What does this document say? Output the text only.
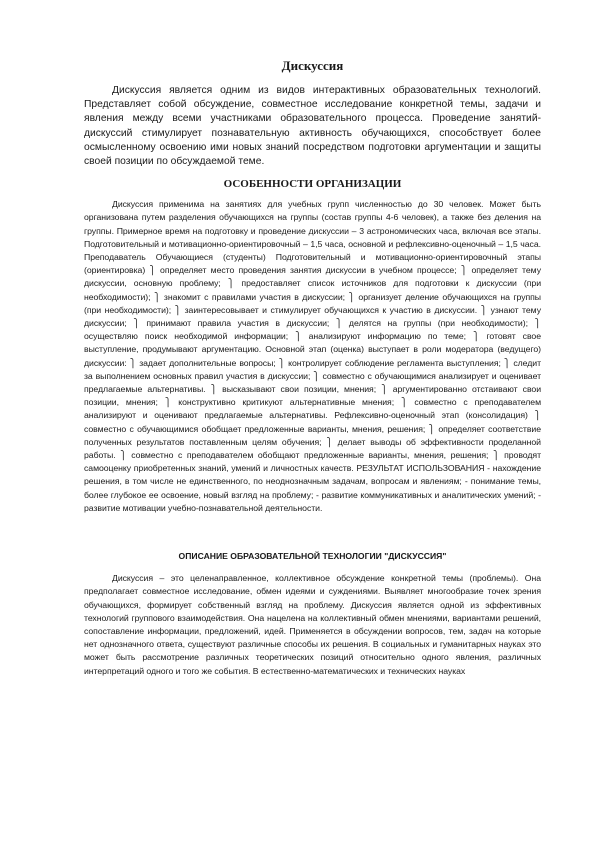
Дискуссия

Дискуссия является одним из видов интерактивных образовательных технологий. Представляет собой обсуждение, совместное исследование конкретной темы, задачи и явления между всеми участниками образовательного процесса. Проведение занятий-дискуссий стимулирует познавательную активность обучающихся, способствует более осмысленному освоению ими новых знаний посредством подготовки аргументации и защиты своей позиции по обсуждаемой теме.

ОСОБЕННОСТИ ОРГАНИЗАЦИИ

Дискуссия применима на занятиях для учебных групп численностью до 30 человек. Может быть организована путем разделения обучающихся на группы (состав группы 4-6 человек), а также без деления на группы. Примерное время на подготовку и проведение дискуссии – 3 астрономических часа, включая все этапы. Подготовительный и мотивационно-ориентировочный – 1,5 часа, основной и рефлексивно-оценочный – 1,5 часа. Преподаватель Обучающиеся (студенты) Подготовительный и мотивационно-ориентировочный этапы (ориентировка) ⎫ определяет место проведения занятия дискуссии в учебном процессе; ⎫ определяет тему дискуссии, основную проблему; ⎫ предоставляет список источников для подготовки к дискуссии (при необходимости); ⎫ знакомит с правилами участия в дискуссии; ⎫ организует деление обучающихся на группы (при необходимости); ⎫ заинтересовывает и стимулирует обучающихся к участию в дискуссии. ⎫ узнают тему дискуссии; ⎫ принимают правила участия в дискуссии; ⎫ делятся на группы (при необходимости); ⎫ осуществляю поиск необходимой информации; ⎫ анализируют информацию по теме; ⎫ готовят свое выступление, продумывают аргументацию. Основной этап (оценка) выступает в роли модератора (ведущего) дискуссии: ⎫ задает дополнительные вопросы; ⎫ контролирует соблюдение регламента выступления; ⎫ следит за выполнением основных правил участия в дискуссии; ⎫ совместно с обучающимися анализирует и оценивает предлагаемые альтернативы. ⎫ высказывают свои позиции, мнения; ⎫ аргументированно отстаивают свои позиции, мнения; ⎫ конструктивно критикуют альтернативные мнения; ⎫ совместно с преподавателем анализируют и оценивают предлагаемые альтернативы. Рефлексивно-оценочный этап (консолидация) ⎫ совместно с обучающимися обобщает предложенные варианты, мнения, решения; ⎫ определяет соответствие полученных результатов поставленным целям обучения; ⎫ делает выводы об эффективности проделанной работы. ⎫ совместно с преподавателем обобщают предложенные варианты, мнения, решения; ⎫ проводят самооценку приобретенных знаний, умений и личностных качеств. РЕЗУЛЬТАТ ИСПОЛЬЗОВАНИЯ - нахождение решения, в том числе не единственного, по неоднозначным задачам, вопросам и явлениям; - понимание темы, более глубокое ее освоение, новый взгляд на проблему; - развитие коммуникативных и аналитических умений; - развитие мотивации учебно-познавательной деятельности.

ОПИСАНИЕ ОБРАЗОВАТЕЛЬНОЙ ТЕХНОЛОГИИ "ДИСКУССИЯ"

Дискуссия – это целенаправленное, коллективное обсуждение конкретной темы (проблемы). Она предполагает совместное исследование, обмен идеями и суждениями. Выявляет многообразие точек зрения обучающихся, формирует собственный взгляд на проблему. Дискуссия является одной из эффективных технологий группового взаимодействия. Она нацелена на коллективный обмен мнениями, вариантами решений, сопоставление информации, предложений, идей. Применяется в обсуждении вопросов, тем, задач на которые нет однозначного ответа, существуют различные способы их решения. В социальных и гуманитарных науках это может быть рассмотрение различных теоретических позиций относительно одного явления, различных интерпретаций одного и того же события. В естественно-математических и технических науках
